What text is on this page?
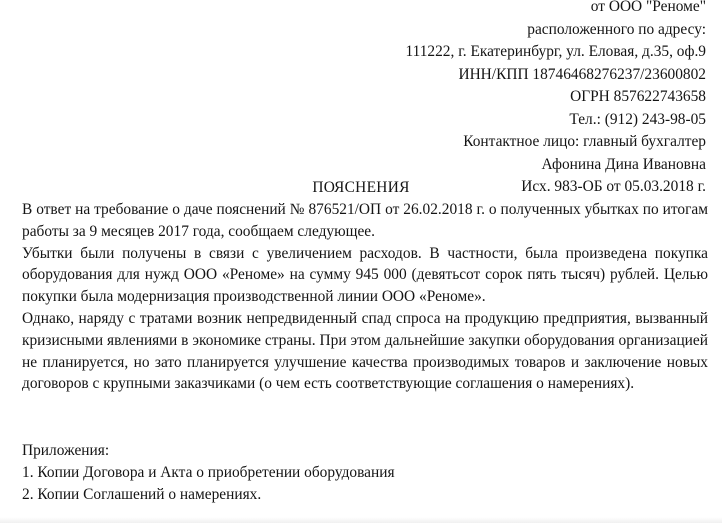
от ООО "Реноме"
расположенного по адресу:
111222, г. Екатеринбург, ул. Еловая, д.35, оф.9
ИНН/КПП 18746468276237/23600802
ОГРН 857622743658
Тел.: (912) 243-98-05
Контактное лицо: главный бухгалтер
Афонина Дина Ивановна
Исх. 983-ОБ от 05.03.2018 г.
ПОЯСНЕНИЯ

В ответ на требование о даче пояснений № 876521/ОП от 26.02.2018 г. о полученных убытках по итогам работы за 9 месяцев 2017 года, сообщаем следующее.

Убытки были получены в связи с увеличением расходов. В частности, была произведена покупка оборудования для нужд ООО «Реноме» на сумму 945 000 (девятьсот сорок пять тысяч) рублей. Целью покупки была модернизация производственной линии ООО «Реноме».

Однако, наряду с тратами возник непредвиденный спад спроса на продукцию предприятия, вызванный кризисными явлениями в экономике страны. При этом дальнейшие закупки оборудования организацией не планируется, но зато планируется улучшение качества производимых товаров и заключение новых договоров с крупными заказчиками (о чем есть соответствующие соглашения о намерениях).

Приложения:
1. Копии Договора и Акта о приобретении оборудования
2. Копии Соглашений о намерениях.
